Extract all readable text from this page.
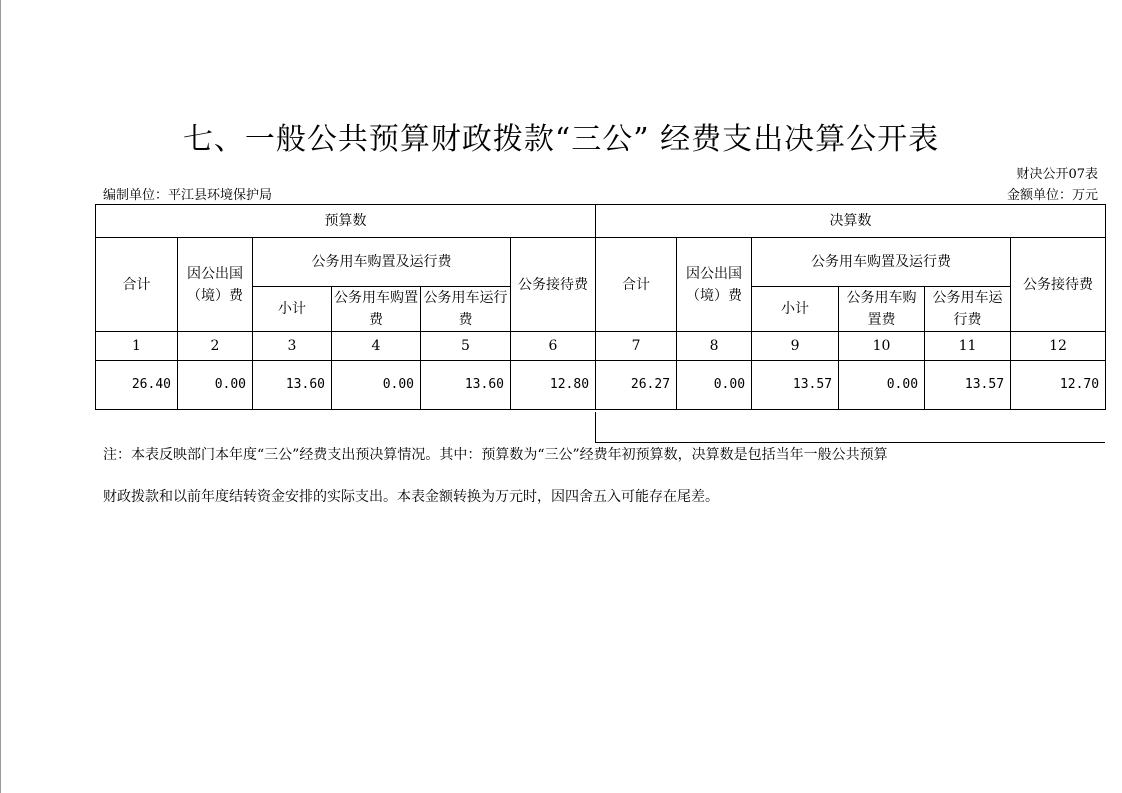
七、一般公共预算财政拨款“三公” 经费支出决算公开表
财决公开07表
编制单位：平江县环境保护局	金额单位：万元
预算数						决算数					
合计	因公出国（境）费	公务用车购置及运行费			公务接待费	合计	因公出国（境）费	公务用车购置及运行费			公务接待费
		小计	公务用车购置费	公务用车运行费				小计	公务用车购置费	公务用车运行费	
1	2	3	4	5	6	7	8	9	10	11	12
26.40	0.00	13.60	0.00	13.60	12.80	26.27	0.00	13.57	0.00	13.57	12.70
注：本表反映部门本年度“三公”经费支出预决算情况。其中：预算数为“三公”经费年初预算数，决算数是包括当年一般公共预算
财政拨款和以前年度结转资金安排的实际支出。本表金额转换为万元时，因四舍五入可能存在尾差。
